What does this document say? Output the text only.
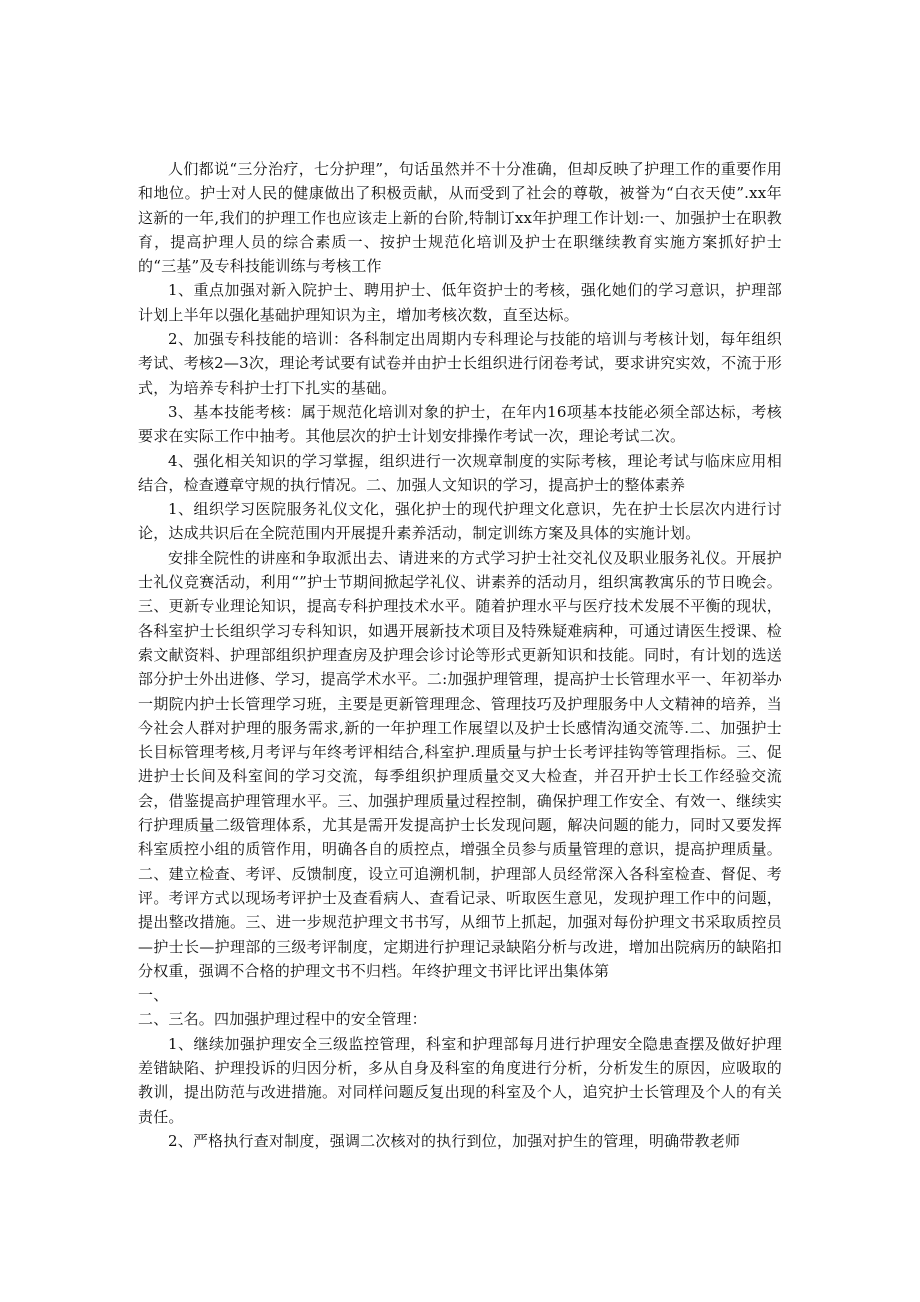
人们都说“三分治疗，七分护理”，句话虽然并不十分准确，但却反映了护理工作的重要作用和地位。护士对人民的健康做出了积极贡献，从而受到了社会的尊敬，被誉为“白衣天使”.xx年这新的一年,我们的护理工作也应该走上新的台阶,特制订xx年护理工作计划:一、加强护士在职教育，提高护理人员的综合素质一、按护士规范化培训及护士在职继续教育实施方案抓好护士的“三基”及专科技能训练与考核工作

1、重点加强对新入院护士、聘用护士、低年资护士的考核，强化她们的学习意识，护理部计划上半年以强化基础护理知识为主，增加考核次数，直至达标。

2、加强专科技能的培训：各科制定出周期内专科理论与技能的培训与考核计划，每年组织考试、考核2—3次，理论考试要有试卷并由护士长组织进行闭卷考试，要求讲究实效，不流于形式，为培养专科护士打下扎实的基础。

3、基本技能考核：属于规范化培训对象的护士，在年内16项基本技能必须全部达标，考核要求在实际工作中抽考。其他层次的护士计划安排操作考试一次，理论考试二次。

4、强化相关知识的学习掌握，组织进行一次规章制度的实际考核，理论考试与临床应用相结合，检查遵章守规的执行情况。二、加强人文知识的学习，提高护士的整体素养

1、组织学习医院服务礼仪文化，强化护士的现代护理文化意识，先在护士长层次内进行讨论，达成共识后在全院范围内开展提升素养活动，制定训练方案及具体的实施计划。

安排全院性的讲座和争取派出去、请进来的方式学习护士社交礼仪及职业服务礼仪。开展护士礼仪竞赛活动，利用“”护士节期间掀起学礼仪、讲素养的活动月，组织寓教寓乐的节日晚会。三、更新专业理论知识，提高专科护理技术水平。随着护理水平与医疗技术发展不平衡的现状，各科室护士长组织学习专科知识，如遇开展新技术项目及特殊疑难病种，可通过请医生授课、检索文献资料、护理部组织护理查房及护理会诊讨论等形式更新知识和技能。同时，有计划的选送部分护士外出进修、学习，提高学术水平。二:加强护理管理，提高护士长管理水平一、年初举办一期院内护士长管理学习班，主要是更新管理理念、管理技巧及护理服务中人文精神的培养，当今社会人群对护理的服务需求,新的一年护理工作展望以及护士长感情沟通交流等.二、加强护士长目标管理考核,月考评与年终考评相结合,科室护.理质量与护士长考评挂钩等管理指标。三、促进护士长间及科室间的学习交流，每季组织护理质量交叉大检查，并召开护士长工作经验交流会，借鉴提高护理管理水平。三、加强护理质量过程控制，确保护理工作安全、有效一、继续实行护理质量二级管理体系，尤其是需开发提高护士长发现问题，解决问题的能力，同时又要发挥科室质控小组的质管作用，明确各自的质控点，增强全员参与质量管理的意识，提高护理质量。二、建立检查、考评、反馈制度，设立可追溯机制，护理部人员经常深入各科室检查、督促、考评。考评方式以现场考评护士及查看病人、查看记录、听取医生意见，发现护理工作中的问题，提出整改措施。三、进一步规范护理文书书写，从细节上抓起，加强对每份护理文书采取质控员—护士长—护理部的三级考评制度，定期进行护理记录缺陷分析与改进，增加出院病历的缺陷扣分权重，强调不合格的护理文书不归档。年终护理文书评比评出集体第

一、

二、三名。四加强护理过程中的安全管理：

1、继续加强护理安全三级监控管理，科室和护理部每月进行护理安全隐患查摆及做好护理差错缺陷、护理投诉的归因分析，多从自身及科室的角度进行分析，分析发生的原因，应吸取的教训，提出防范与改进措施。对同样问题反复出现的科室及个人，追究护士长管理及个人的有关责任。

2、严格执行查对制度，强调二次核对的执行到位，加强对护生的管理，明确带教老师
